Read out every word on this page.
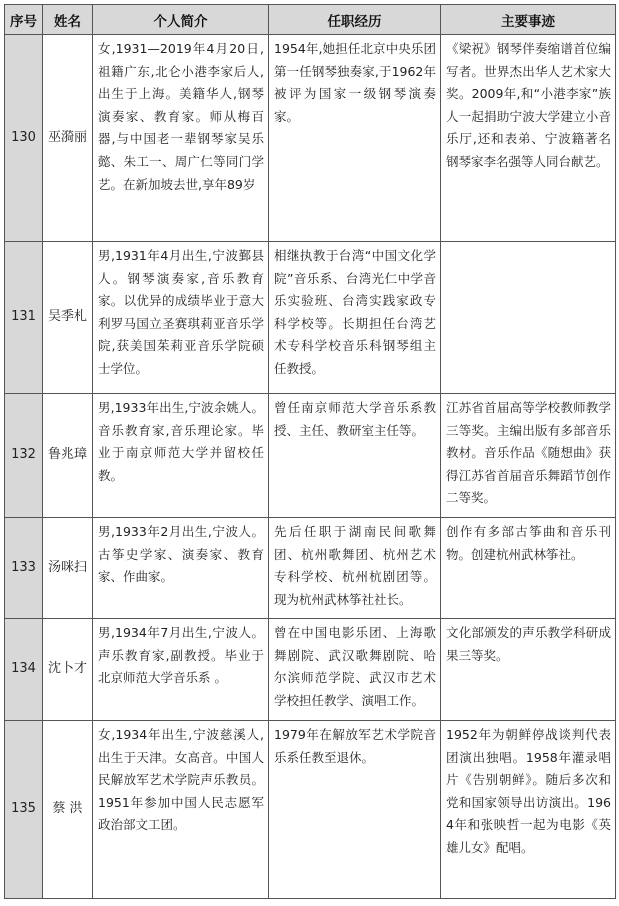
序号	姓名	个人简介	任职经历	主要事迹
130	巫漪丽	女,1931—2019年4月20日,祖籍广东,北仑小港李家后人,出生于上海。美籍华人,钢琴演奏家、教育家。师从梅百器,与中国老一辈钢琴家吴乐懿、朱工一、周广仁等同门学艺。在新加坡去世,享年89岁	1954年,她担任北京中央乐团第一任钢琴独奏家,于1962年被评为国家一级钢琴演奏家。	《梁祝》钢琴伴奏缩谱首位编写者。世界杰出华人艺术家大奖。2009年,和“小港李家”族人一起捐助宁波大学建立小音乐厅,还和表弟、宁波籍著名钢琴家李名强等人同台献艺。
131	吴季札	男,1931年4月出生,宁波鄞县人。钢琴演奏家,音乐教育家。以优异的成绩毕业于意大利罗马国立圣赛琪莉亚音乐学院,获美国茱莉亚音乐学院硕士学位。	相继执教于台湾“中国文化学院”音乐系、台湾光仁中学音乐实验班、台湾实践家政专科学校等。长期担任台湾艺术专科学校音乐科钢琴组主任教授。	
132	鲁兆璋	男,1933年出生,宁波余姚人。音乐教育家,音乐理论家。毕业于南京师范大学并留校任教。	曾任南京师范大学音乐系教授、主任、教研室主任等。	江苏省首届高等学校教师教学三等奖。主编出版有多部音乐教材。音乐作品《随想曲》获得江苏省首届音乐舞蹈节创作二等奖。
133	汤咪扫	男,1933年2月出生,宁波人。古筝史学家、演奏家、教育家、作曲家。	先后任职于湖南民间歌舞团、杭州歌舞团、杭州艺术专科学校、杭州杭剧团等。现为杭州武林筝社社长。	创作有多部古筝曲和音乐刊物。创建杭州武林筝社。
134	沈卜才	男,1934年7月出生,宁波人。声乐教育家,副教授。毕业于北京师范大学音乐系 。	曾在中国电影乐团、上海歌舞剧院、武汉歌舞剧院、哈尔滨师范学院、武汉市艺术学校担任教学、演唱工作。	文化部颁发的声乐教学科研成果三等奖。
135	蔡 洪	女,1934年出生,宁波慈溪人,出生于天津。女高音。中国人民解放军艺术学院声乐教员。1951年参加中国人民志愿军政治部文工团。	1979年在解放军艺术学院音乐系任教至退休。	1952年为朝鲜停战谈判代表团演出独唱。1958年灌录唱片《告别朝鲜》。随后多次和党和国家领导出访演出。1964年和张映哲一起为电影《英雄儿女》配唱。
